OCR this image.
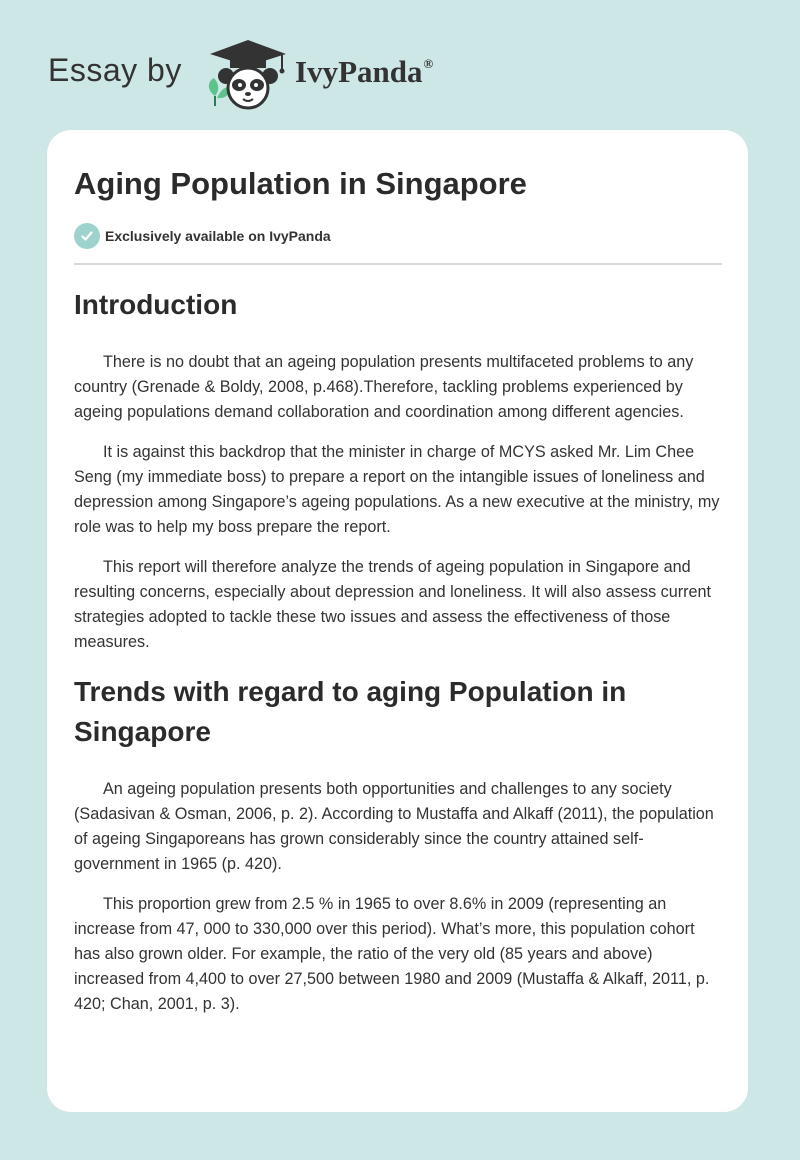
Essay by	IvyPanda®
Aging Population in Singapore
Exclusively available on IvyPanda
Introduction

There is no doubt that an ageing population presents multifaceted problems to any country (Grenade & Boldy, 2008, p.468).Therefore, tackling problems experienced by ageing populations demand collaboration and coordination among different agencies.

It is against this backdrop that the minister in charge of MCYS asked Mr. Lim Chee Seng (my immediate boss) to prepare a report on the intangible issues of loneliness and depression among Singapore’s ageing populations. As a new executive at the ministry, my role was to help my boss prepare the report.

This report will therefore analyze the trends of ageing population in Singapore and resulting concerns, especially about depression and loneliness. It will also assess current strategies adopted to tackle these two issues and assess the effectiveness of those measures.

Trends with regard to aging Population in Singapore

An ageing population presents both opportunities and challenges to any society (Sadasivan & Osman, 2006, p. 2). According to Mustaffa and Alkaff (2011), the population of ageing Singaporeans has grown considerably since the country attained self-government in 1965 (p. 420).

This proportion grew from 2.5 % in 1965 to over 8.6% in 2009 (representing an increase from 47, 000 to 330,000 over this period). What’s more, this population cohort has also grown older. For example, the ratio of the very old (85 years and above) increased from 4,400 to over 27,500 between 1980 and 2009 (Mustaffa & Alkaff, 2011, p. 420; Chan, 2001, p. 3).
